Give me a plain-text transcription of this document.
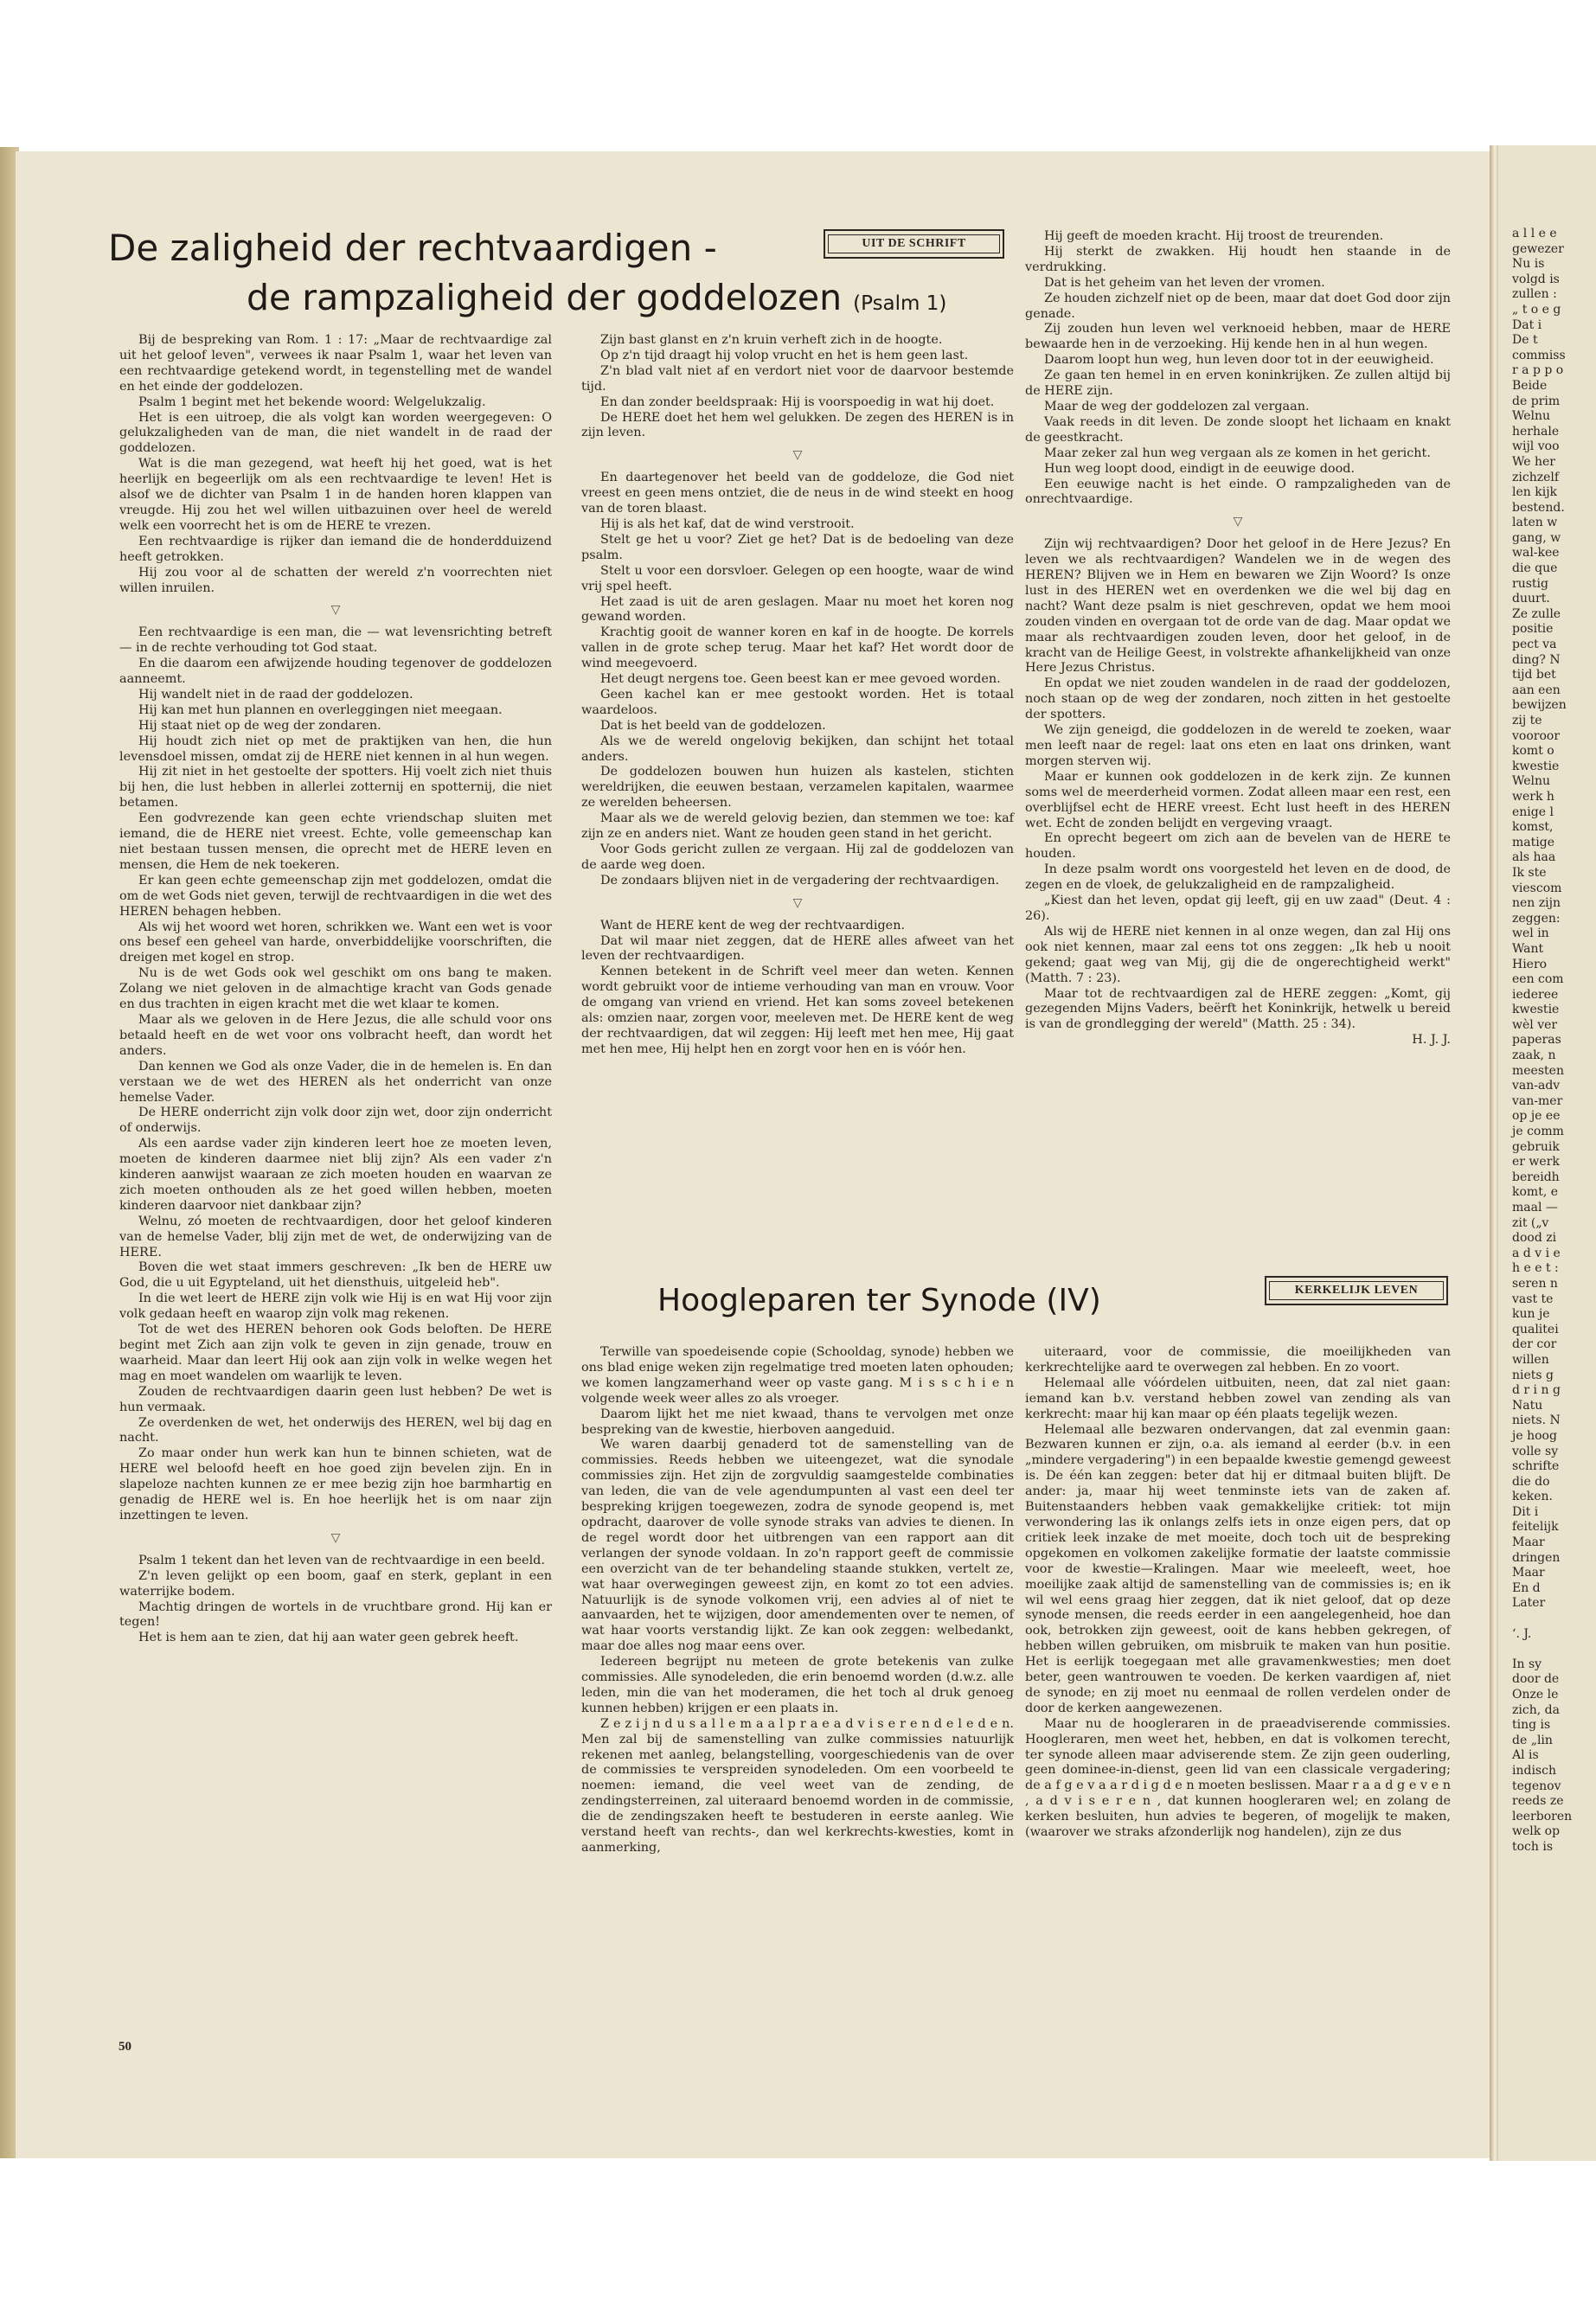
De zaligheid der rechtvaardigen -
de rampzaligheid der goddelozen (Psalm 1)
UIT DE SCHRIFT

Bij de bespreking van Rom. 1 : 17: „Maar de rechtvaardige zal uit het geloof leven", verwees ik naar Psalm 1, waar het leven van een rechtvaardige getekend wordt, in tegenstelling met de wandel en het einde der goddelozen.

Psalm 1 begint met het bekende woord: Welgelukzalig.

Het is een uitroep, die als volgt kan worden weergegeven: O gelukzaligheden van de man, die niet wandelt in de raad der goddelozen.

Wat is die man gezegend, wat heeft hij het goed, wat is het heerlijk en begeerlijk om als een rechtvaardige te leven! Het is alsof we de dichter van Psalm 1 in de handen horen klappen van vreugde. Hij zou het wel willen uitbazuinen over heel de wereld welk een voorrecht het is om de HERE te vrezen.

Een rechtvaardige is rijker dan iemand die de honderdduizend heeft getrokken.

Hij zou voor al de schatten der wereld z'n voorrechten niet willen inruilen.

▽

Een rechtvaardige is een man, die — wat levensrichting betreft — in de rechte verhouding tot God staat.

En die daarom een afwijzende houding tegenover de goddelozen aanneemt.

Hij wandelt niet in de raad der goddelozen.

Hij kan met hun plannen en overleggingen niet meegaan.

Hij staat niet op de weg der zondaren.

Hij houdt zich niet op met de praktijken van hen, die hun levensdoel missen, omdat zij de HERE niet kennen in al hun wegen.

Hij zit niet in het gestoelte der spotters. Hij voelt zich niet thuis bij hen, die lust hebben in allerlei zotternij en spotternij, die niet betamen.

Een godvrezende kan geen echte vriendschap sluiten met iemand, die de HERE niet vreest. Echte, volle gemeenschap kan niet bestaan tussen mensen, die oprecht met de HERE leven en mensen, die Hem de nek toekeren.

Er kan geen echte gemeenschap zijn met goddelozen, omdat die om de wet Gods niet geven, terwijl de rechtvaardigen in die wet des HEREN behagen hebben.

Als wij het woord wet horen, schrikken we. Want een wet is voor ons besef een geheel van harde, onverbiddelijke voorschriften, die dreigen met kogel en strop.

Nu is de wet Gods ook wel geschikt om ons bang te maken. Zolang we niet geloven in de almachtige kracht van Gods genade en dus trachten in eigen kracht met die wet klaar te komen.

Maar als we geloven in de Here Jezus, die alle schuld voor ons betaald heeft en de wet voor ons volbracht heeft, dan wordt het anders.

Dan kennen we God als onze Vader, die in de hemelen is. En dan verstaan we de wet des HEREN als het onderricht van onze hemelse Vader.

De HERE onderricht zijn volk door zijn wet, door zijn onderricht of onderwijs.

Als een aardse vader zijn kinderen leert hoe ze moeten leven, moeten de kinderen daarmee niet blij zijn? Als een vader z'n kinderen aanwijst waaraan ze zich moeten houden en waarvan ze zich moeten onthouden als ze het goed willen hebben, moeten kinderen daarvoor niet dankbaar zijn?

Welnu, zó moeten de rechtvaardigen, door het geloof kinderen van de hemelse Vader, blij zijn met de wet, de onderwijzing van de HERE.

Boven die wet staat immers geschreven: „Ik ben de HERE uw God, die u uit Egypteland, uit het diensthuis, uitgeleid heb".

In die wet leert de HERE zijn volk wie Hij is en wat Hij voor zijn volk gedaan heeft en waarop zijn volk mag rekenen.

Tot de wet des HEREN behoren ook Gods beloften. De HERE begint met Zich aan zijn volk te geven in zijn genade, trouw en waarheid. Maar dan leert Hij ook aan zijn volk in welke wegen het mag en moet wandelen om waarlijk te leven.

Zouden de rechtvaardigen daarin geen lust hebben? De wet is hun vermaak.

Ze overdenken de wet, het onderwijs des HEREN, wel bij dag en nacht.

Zo maar onder hun werk kan hun te binnen schieten, wat de HERE wel beloofd heeft en hoe goed zijn bevelen zijn. En in slapeloze nachten kunnen ze er mee bezig zijn hoe barmhartig en genadig de HERE wel is. En hoe heerlijk het is om naar zijn inzettingen te leven.

▽

Psalm 1 tekent dan het leven van de rechtvaardige in een beeld.

Z'n leven gelijkt op een boom, gaaf en sterk, geplant in een waterrijke bodem.

Machtig dringen de wortels in de vruchtbare grond. Hij kan er tegen!

Het is hem aan te zien, dat hij aan water geen gebrek heeft.

Zijn bast glanst en z'n kruin verheft zich in de hoogte.

Op z'n tijd draagt hij volop vrucht en het is hem geen last.

Z'n blad valt niet af en verdort niet voor de daarvoor bestemde tijd.

En dan zonder beeldspraak: Hij is voorspoedig in wat hij doet.

De HERE doet het hem wel gelukken. De zegen des HEREN is in zijn leven.

▽

En daartegenover het beeld van de goddeloze, die God niet vreest en geen mens ontziet, die de neus in de wind steekt en hoog van de toren blaast.

Hij is als het kaf, dat de wind verstrooit.

Stelt ge het u voor? Ziet ge het? Dat is de bedoeling van deze psalm.

Stelt u voor een dorsvloer. Gelegen op een hoogte, waar de wind vrij spel heeft.

Het zaad is uit de aren geslagen. Maar nu moet het koren nog gewand worden.

Krachtig gooit de wanner koren en kaf in de hoogte. De korrels vallen in de grote schep terug. Maar het kaf? Het wordt door de wind meegevoerd.

Het deugt nergens toe. Geen beest kan er mee gevoed worden.

Geen kachel kan er mee gestookt worden. Het is totaal waardeloos.

Dat is het beeld van de goddelozen.

Als we de wereld ongelovig bekijken, dan schijnt het totaal anders.

De goddelozen bouwen hun huizen als kastelen, stichten wereldrijken, die eeuwen bestaan, verzamelen kapitalen, waarmee ze werelden beheersen.

Maar als we de wereld gelovig bezien, dan stemmen we toe: kaf zijn ze en anders niet. Want ze houden geen stand in het gericht.

Voor Gods gericht zullen ze vergaan. Hij zal de goddelozen van de aarde weg doen.

De zondaars blijven niet in de vergadering der rechtvaardigen.

▽

Want de HERE kent de weg der rechtvaardigen.

Dat wil maar niet zeggen, dat de HERE alles afweet van het leven der rechtvaardigen.

Kennen betekent in de Schrift veel meer dan weten. Kennen wordt gebruikt voor de intieme verhouding van man en vrouw. Voor de omgang van vriend en vriend. Het kan soms zoveel betekenen als: omzien naar, zorgen voor, meeleven met. De HERE kent de weg der rechtvaardigen, dat wil zeggen: Hij leeft met hen mee, Hij gaat met hen mee, Hij helpt hen en zorgt voor hen en is vóór hen.

Hij geeft de moeden kracht. Hij troost de treurenden.

Hij sterkt de zwakken. Hij houdt hen staande in de verdrukking.

Dat is het geheim van het leven der vromen.

Ze houden zichzelf niet op de been, maar dat doet God door zijn genade.

Zij zouden hun leven wel verknoeid hebben, maar de HERE bewaarde hen in de verzoeking. Hij kende hen in al hun wegen.

Daarom loopt hun weg, hun leven door tot in der eeuwigheid.

Ze gaan ten hemel in en erven koninkrijken. Ze zullen altijd bij de HERE zijn.

Maar de weg der goddelozen zal vergaan.

Vaak reeds in dit leven. De zonde sloopt het lichaam en knakt de geestkracht.

Maar zeker zal hun weg vergaan als ze komen in het gericht.

Hun weg loopt dood, eindigt in de eeuwige dood.

Een eeuwige nacht is het einde. O rampzaligheden van de onrechtvaardige.

▽

Zijn wij rechtvaardigen? Door het geloof in de Here Jezus? En leven we als rechtvaardigen? Wandelen we in de wegen des HEREN? Blijven we in Hem en bewaren we Zijn Woord? Is onze lust in des HEREN wet en overdenken we die wel bij dag en nacht? Want deze psalm is niet geschreven, opdat we hem mooi zouden vinden en overgaan tot de orde van de dag. Maar opdat we maar als rechtvaardigen zouden leven, door het geloof, in de kracht van de Heilige Geest, in volstrekte afhankelijkheid van onze Here Jezus Christus.

En opdat we niet zouden wandelen in de raad der goddelozen, noch staan op de weg der zondaren, noch zitten in het gestoelte der spotters.

We zijn geneigd, die goddelozen in de wereld te zoeken, waar men leeft naar de regel: laat ons eten en laat ons drinken, want morgen sterven wij.

Maar er kunnen ook goddelozen in de kerk zijn. Ze kunnen soms wel de meerderheid vormen. Zodat alleen maar een rest, een overblijfsel echt de HERE vreest. Echt lust heeft in des HEREN wet. Echt de zonden belijdt en vergeving vraagt.

En oprecht begeert om zich aan de bevelen van de HERE te houden.

In deze psalm wordt ons voorgesteld het leven en de dood, de zegen en de vloek, de gelukzaligheid en de rampzaligheid.

„Kiest dan het leven, opdat gij leeft, gij en uw zaad" (Deut. 4 : 26).

Als wij de HERE niet kennen in al onze wegen, dan zal Hij ons ook niet kennen, maar zal eens tot ons zeggen: „Ik heb u nooit gekend; gaat weg van Mij, gij die de ongerechtigheid werkt" (Matth. 7 : 23).

Maar tot de rechtvaardigen zal de HERE zeggen: „Komt, gij gezegenden Mijns Vaders, beërft het Koninkrijk, hetwelk u bereid is van de grondlegging der wereld" (Matth. 25 : 34).

H. J. J.

Hooglераren ter Synode (IV)	KERKELIJK LEVEN

Terwille van spoedeisende copie (Schooldag, synode) hebben we ons blad enige weken zijn regelmatige tred moeten laten ophouden; we komen langzamerhand weer op vaste gang. M i s s c h i e n volgende week weer alles zo als vroeger.

Daarom lijkt het me niet kwaad, thans te vervolgen met onze bespreking van de kwestie, hierboven aangeduid.

We waren daarbij genaderd tot de samenstelling van de commissies. Reeds hebben we uiteengezet, wat die synodale commissies zijn. Het zijn de zorgvuldig saamgestelde combinaties van leden, die van de vele agendumpunten al vast een deel ter bespreking krijgen toegewezen, zodra de synode geopend is, met opdracht, daarover de volle synode straks van advies te dienen. In de regel wordt door het uitbrengen van een rapport aan dit verlangen der synode voldaan. In zo'n rapport geeft de commissie een overzicht van de ter behandeling staande stukken, vertelt ze, wat haar overwegingen geweest zijn, en komt zo tot een advies. Natuurlijk is de synode volkomen vrij, een advies al of niet te aanvaarden, het te wijzigen, door amendementen over te nemen, of wat haar voorts verstandig lijkt. Ze kan ook zeggen: welbedankt, maar doe alles nog maar eens over.

Iedereen begrijpt nu meteen de grote betekenis van zulke commissies. Alle synodeleden, die erin benoemd worden (d.w.z. alle leden, min die van het moderamen, die het toch al druk genoeg kunnen hebben) krijgen er een plaats in.

Z e z i j n d u s a l l e m a a l p r a e a d v i s e r e n d e l e d e n. Men zal bij de samenstelling van zulke commissies natuurlijk rekenen met aanleg, belangstelling, voorgeschiedenis van de over de commissies te verspreiden synodeleden. Om een voorbeeld te noemen: iemand, die veel weet van de zending, de zendingsterreinen, zal uiteraard benoemd worden in de commissie, die de zendingszaken heeft te bestuderen in eerste aanleg. Wie verstand heeft van rechts-, dan wel kerkrechts-kwesties, komt in aanmerking,

uiteraard, voor de commissie, die moeilijkheden van kerkrechtelijke aard te overwegen zal hebben. En zo voort.

Helemaal alle vóórdelen uitbuiten, neen, dat zal niet gaan: iemand kan b.v. verstand hebben zowel van zending als van kerkrecht: maar hij kan maar op één plaats tegelijk wezen.

Helemaal alle bezwaren ondervangen, dat zal evenmin gaan: Bezwaren kunnen er zijn, o.a. als iemand al eerder (b.v. in een „mindere vergadering") in een bepaalde kwestie gemengd geweest is. De één kan zeggen: beter dat hij er ditmaal buiten blijft. De ander: ja, maar hij weet tenminste iets van de zaken af. Buitenstaanders hebben vaak gemakkelijke critiek: tot mijn verwondering las ik onlangs zelfs iets in onze eigen pers, dat op critiek leek inzake de met moeite, doch toch uit de bespreking opgekomen en volkomen zakelijke formatie der laatste commissie voor de kwestie—Kralingen. Maar wie meeleeft, weet, hoe moeilijke zaak altijd de samenstelling van de commissies is; en ik wil wel eens graag hier zeggen, dat ik niet geloof, dat op deze synode mensen, die reeds eerder in een aangelegenheid, hoe dan ook, betrokken zijn geweest, ooit de kans hebben gekregen, of hebben willen gebruiken, om misbruik te maken van hun positie. Het is eerlijk toegegaan met alle gravamenkwesties; men doet beter, geen wantrouwen te voeden. De kerken vaardigen af, niet de synode; en zij moet nu eenmaal de rollen verdelen onder de door de kerken aangewezenen.

Maar nu de hoogleraren in de praeadviserende commissies. Hoogleraren, men weet het, hebben, en dat is volkomen terecht, ter synode alleen maar adviserende stem. Ze zijn geen ouderling, geen dominee-in-dienst, geen lid van een classicale vergadering; de a f g e v a a r d i g d e n moeten beslissen. Maar r a a d g e v e n , a d v i s e r e n , dat kunnen hoogleraren wel; en zolang de kerken besluiten, hun advies te begeren, of mogelijk te maken, (waarover we straks afzonderlijk nog handelen), zijn ze dus

50

a l l e e

gewezer

Nu is

volgd is

zullen :

„ t o e g

Dat i

De t

commiss

r a p p o

Beide

de prim

Welnu

herhale

wijl voo

We her

zichzelf

len kijk

bestend.

laten w

gang, w

wal-kee

die que

rustig

duurt.

Ze zulle

positie

pect va

ding? N

tijd bet

aan een

bewijzen

zij te

vooroor

komt o

kwestie

Welnu

werk h

enige l

komst,

matige

als haa

Ik ste

viescom

nen zijn

zeggen:

wel in

Want

Hiero

een com

iederee

kwestie

wèl ver

paperas

zaak, n

meesten

van-adv

van-mer

op je ee

je comm

gebruik

er werk

bereidh

komt, e

maal —

zit („v

dood zi

a d v i e

h e e t :

seren n

vast te

kun je

qualitei

der cor

willen

niets g

d r i n g

Natu

niets. N

je hoog

volle sy

schrifte

die do

keken.

Dit i

feitelijk

Maar

dringen

Maar

En d

Later

ʻ. J.

In sy

door de

Onze le

zich, da

ting is

de „lin

Al is

indisch

tegenov

reeds ze

leerboren

welk op

toch is
